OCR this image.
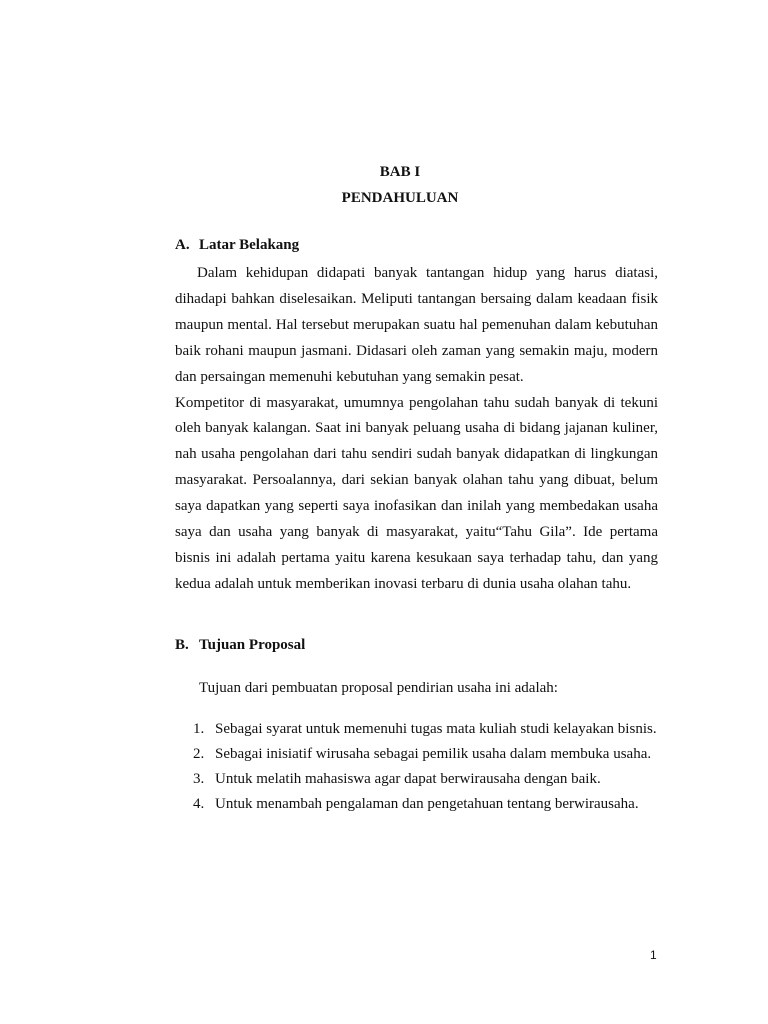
BAB I
PENDAHULUAN
A. Latar Belakang

Dalam kehidupan didapati banyak tantangan hidup yang harus diatasi, dihadapi bahkan diselesaikan. Meliputi tantangan bersaing dalam keadaan fisik maupun mental. Hal tersebut merupakan suatu hal pemenuhan dalam kebutuhan baik rohani maupun jasmani. Didasari oleh zaman yang semakin maju, modern dan persaingan memenuhi kebutuhan yang semakin pesat.

Kompetitor di masyarakat, umumnya pengolahan tahu sudah banyak di tekuni oleh banyak kalangan. Saat ini banyak peluang usaha di bidang jajanan kuliner, nah usaha pengolahan dari tahu sendiri sudah banyak didapatkan di lingkungan masyarakat. Persoalannya, dari sekian banyak olahan tahu yang dibuat, belum saya dapatkan yang seperti saya inofasikan dan inilah yang membedakan usaha saya dan usaha yang banyak di masyarakat, yaitu“Tahu Gila”. Ide pertama bisnis ini adalah pertama yaitu karena kesukaan saya terhadap tahu, dan yang kedua adalah untuk memberikan inovasi terbaru di dunia usaha olahan tahu.

B. Tujuan Proposal
Tujuan dari pembuatan proposal pendirian usaha ini adalah:
1. Sebagai syarat untuk memenuhi tugas mata kuliah studi kelayakan bisnis.
2. Sebagai inisiatif wirusaha sebagai pemilik usaha dalam membuka usaha.
3. Untuk melatih mahasiswa agar dapat berwirausaha dengan baik.
4. Untuk menambah pengalaman dan pengetahuan tentang berwirausaha.
1
